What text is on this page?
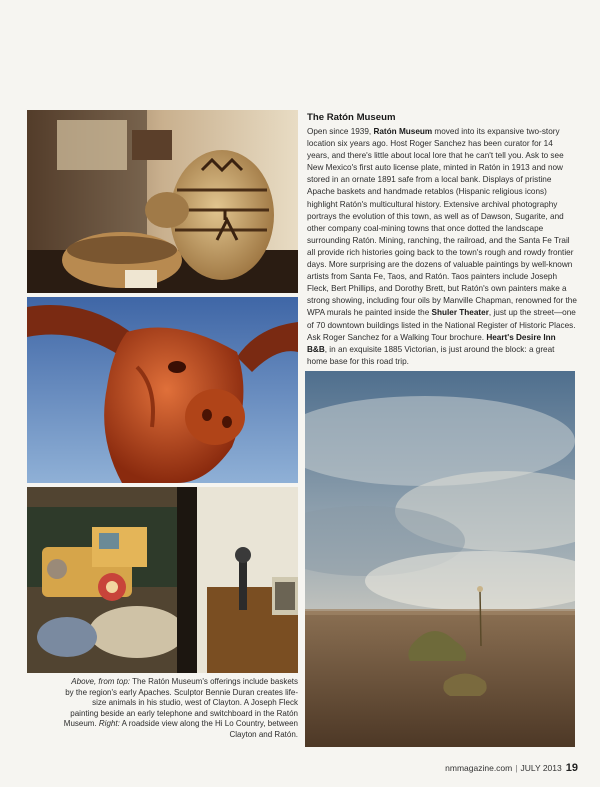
The Ratón Museum

Open since 1939, Ratón Museum moved into its expansive two-story location six years ago. Host Roger Sanchez has been curator for 14 years, and there's little about local lore that he can't tell you. Ask to see New Mexico's first auto license plate, minted in Ratón in 1913 and now stored in an ornate 1891 safe from a local bank. Displays of pristine Apache baskets and handmade retablos (Hispanic religious icons) highlight Ratón's multicultural history. Extensive archival photography portrays the evolution of this town, as well as of Dawson, Sugarite, and other company coal-mining towns that once dotted the landscape surrounding Ratón. Mining, ranching, the railroad, and the Santa Fe Trail all provide rich histories going back to the town's rough and rowdy frontier days. More surprising are the dozens of valuable paintings by well-known artists from Santa Fe, Taos, and Ratón. Taos painters include Joseph Fleck, Bert Phillips, and Dorothy Brett, but Ratón's own painters make a strong showing, including four oils by Manville Chapman, renowned for the WPA murals he painted inside the Shuler Theater, just up the street—one of 70 downtown buildings listed in the National Register of Historic Places. Ask Roger Sanchez for a Walking Tour brochure. Heart's Desire Inn B&B, in an exquisite 1885 Victorian, is just around the block: a great home base for this road trip.

Above, from top: The Ratón Museum's offerings include baskets by the region's early Apaches. Sculptor Bennie Duran creates life-size animals in his studio, west of Clayton. A Joseph Fleck painting beside an early telephone and switchboard in the Ratón Museum. Right: A roadside view along the Hi Lo Country, between Clayton and Ratón.
nmmagazine.com | JULY 2013 19
